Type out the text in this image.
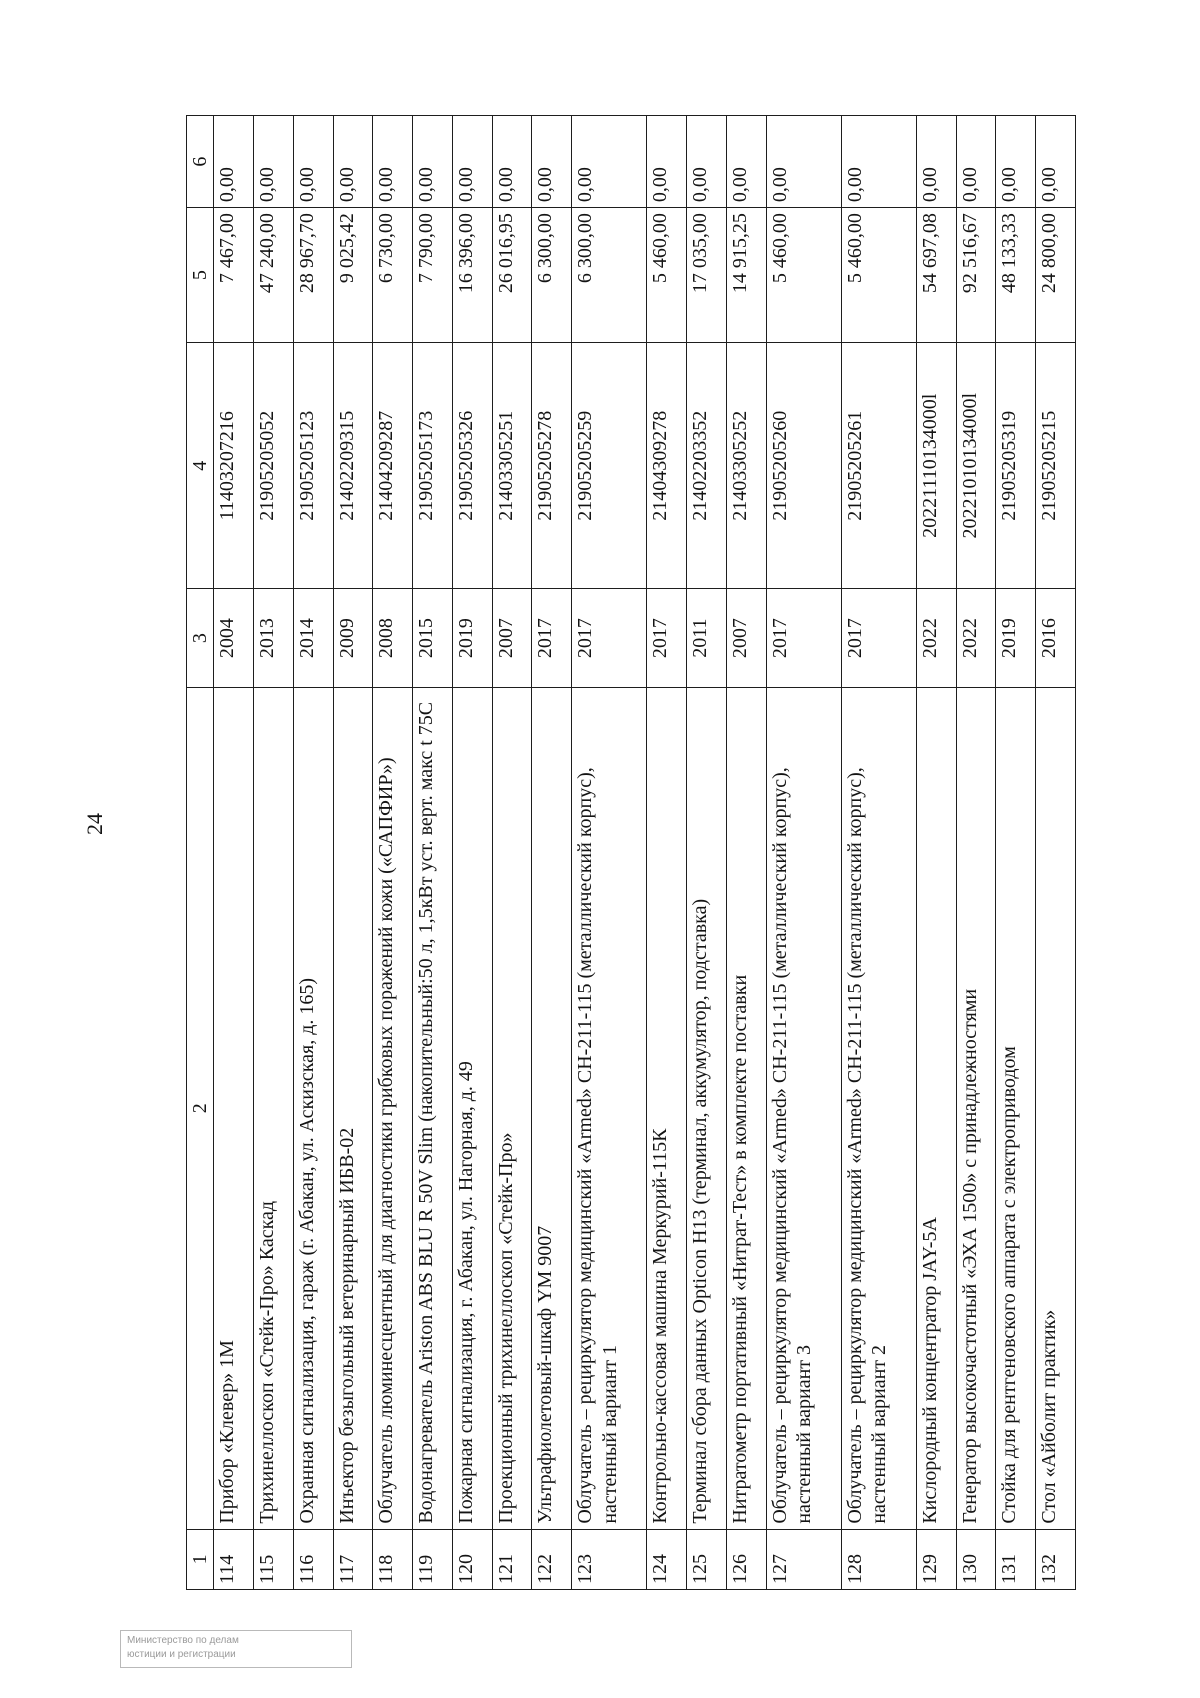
24
1	2	3	4	5	6
114	Прибор «Клевер» 1М	2004	11403207216	7 467,00	0,00
115	Трихинеллоскоп «Стейк-Про» Каскад	2013	21905205052	47 240,00	0,00
116	Охранная сигнализация, гараж (г. Абакан, ул. Аскизская, д. 165)	2014	21905205123	28 967,70	0,00
117	Инъектор безыгольный ветеринарный ИБВ-02	2009	21402209315	9 025,42	0,00
118	Облучатель люминесцентный для диагностики грибковых поражений кожи («САПФИР»)	2008	21404209287	6 730,00	0,00
119	Водонагреватель Ariston ABS BLU R 50V Slim (накопительный:50 л, 1,5кВт уст. верт. макс t 75С	2015	21905205173	7 790,00	0,00
120	Пожарная сигнализация, г. Абакан, ул. Нагорная, д. 49	2019	21905205326	16 396,00	0,00
121	Проекционный трихинеллоскоп «Стейк-Про»	2007	21403305251	26 016,95	0,00
122	Ультрафиолетовый-шкаф YM 9007	2017	21905205278	6 300,00	0,00
123	Облучатель – рециркулятор медицинский «Armed» CH-211-115 (металлический корпус), настенный вариант 1	2017	21905205259	6 300,00	0,00
124	Контрольно-кассовая машина Меркурий-115К	2017	21404309278	5 460,00	0,00
125	Терминал сбора данных Opticon H13 (терминал, аккумулятор, подставка)	2011	21402203352	17 035,00	0,00
126	Нитратометр портативный «Нитрат-Тест» в комплекте поставки	2007	21403305252	14 915,25	0,00
127	Облучатель – рециркулятор медицинский «Armed» CH-211-115 (металлический корпус), настенный вариант 3	2017	21905205260	5 460,00	0,00
128	Облучатель – рециркулятор медицинский «Armed» CH-211-115 (металлический корпус), настенный вариант 2	2017	21905205261	5 460,00	0,00
129	Кислородный концентратор JAY-5A	2022	20221110134000l	54 697,08	0,00
130	Генератор высокочастотный «ЭХА 1500» с принадлежностями	2022	20221010134000l	92 516,67	0,00
131	Стойка для рентгеновского аппарата с электроприводом	2019	21905205319	48 133,33	0,00
132	Стол «Айболит практик»	2016	21905205215	24 800,00	0,00
Министерство по делам
юстиции и регистрации
